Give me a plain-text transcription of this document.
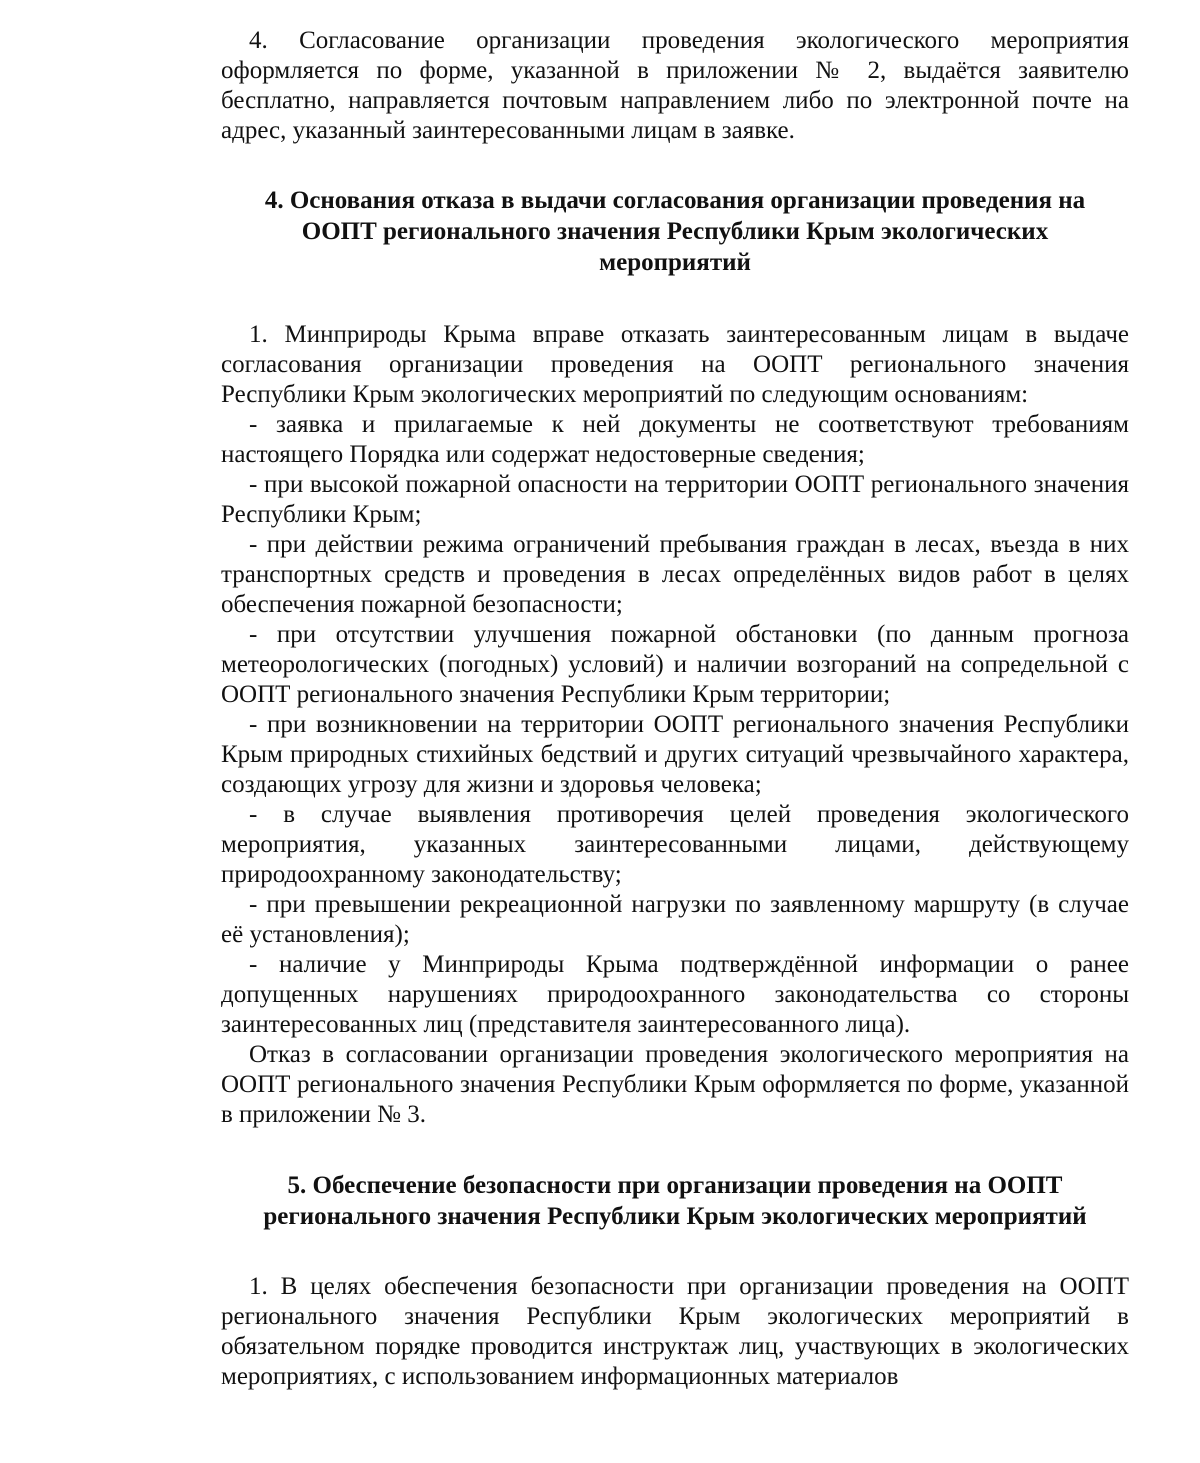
4. Согласование организации проведения экологического мероприятия оформляется по форме, указанной в приложении № 2, выдаётся заявителю бесплатно, направляется почтовым направлением либо по электронной почте на адрес, указанный заинтересованными лицам в заявке.

4. Основания отказа в выдачи согласования организации проведения на ООПТ регионального значения Республики Крым экологических мероприятий

1. Минприроды Крыма вправе отказать заинтересованным лицам в выдаче согласования организации проведения на ООПТ регионального значения Республики Крым экологических мероприятий по следующим основаниям:

- заявка и прилагаемые к ней документы не соответствуют требованиям настоящего Порядка или содержат недостоверные сведения;

- при высокой пожарной опасности на территории ООПТ регионального значения Республики Крым;

- при действии режима ограничений пребывания граждан в лесах, въезда в них транспортных средств и проведения в лесах определённых видов работ в целях обеспечения пожарной безопасности;

- при отсутствии улучшения пожарной обстановки (по данным прогноза метеорологических (погодных) условий) и наличии возгораний на сопредельной с ООПТ регионального значения Республики Крым территории;

- при возникновении на территории ООПТ регионального значения Республики Крым природных стихийных бедствий и других ситуаций чрезвычайного характера, создающих угрозу для жизни и здоровья человека;

- в случае выявления противоречия целей проведения экологического мероприятия, указанных заинтересованными лицами, действующему природоохранному законодательству;

- при превышении рекреационной нагрузки по заявленному маршруту (в случае её установления);

- наличие у Минприроды Крыма подтверждённой информации о ранее допущенных нарушениях природоохранного законодательства со стороны заинтересованных лиц (представителя заинтересованного лица).

Отказ в согласовании организации проведения экологического мероприятия на ООПТ регионального значения Республики Крым оформляется по форме, указанной в приложении № 3.

5. Обеспечение безопасности при организации проведения на ООПТ регионального значения Республики Крым экологических мероприятий

1. В целях обеспечения безопасности при организации проведения на ООПТ регионального значения Республики Крым экологических мероприятий в обязательном порядке проводится инструктаж лиц, участвующих в экологических мероприятиях, с использованием информационных материалов
